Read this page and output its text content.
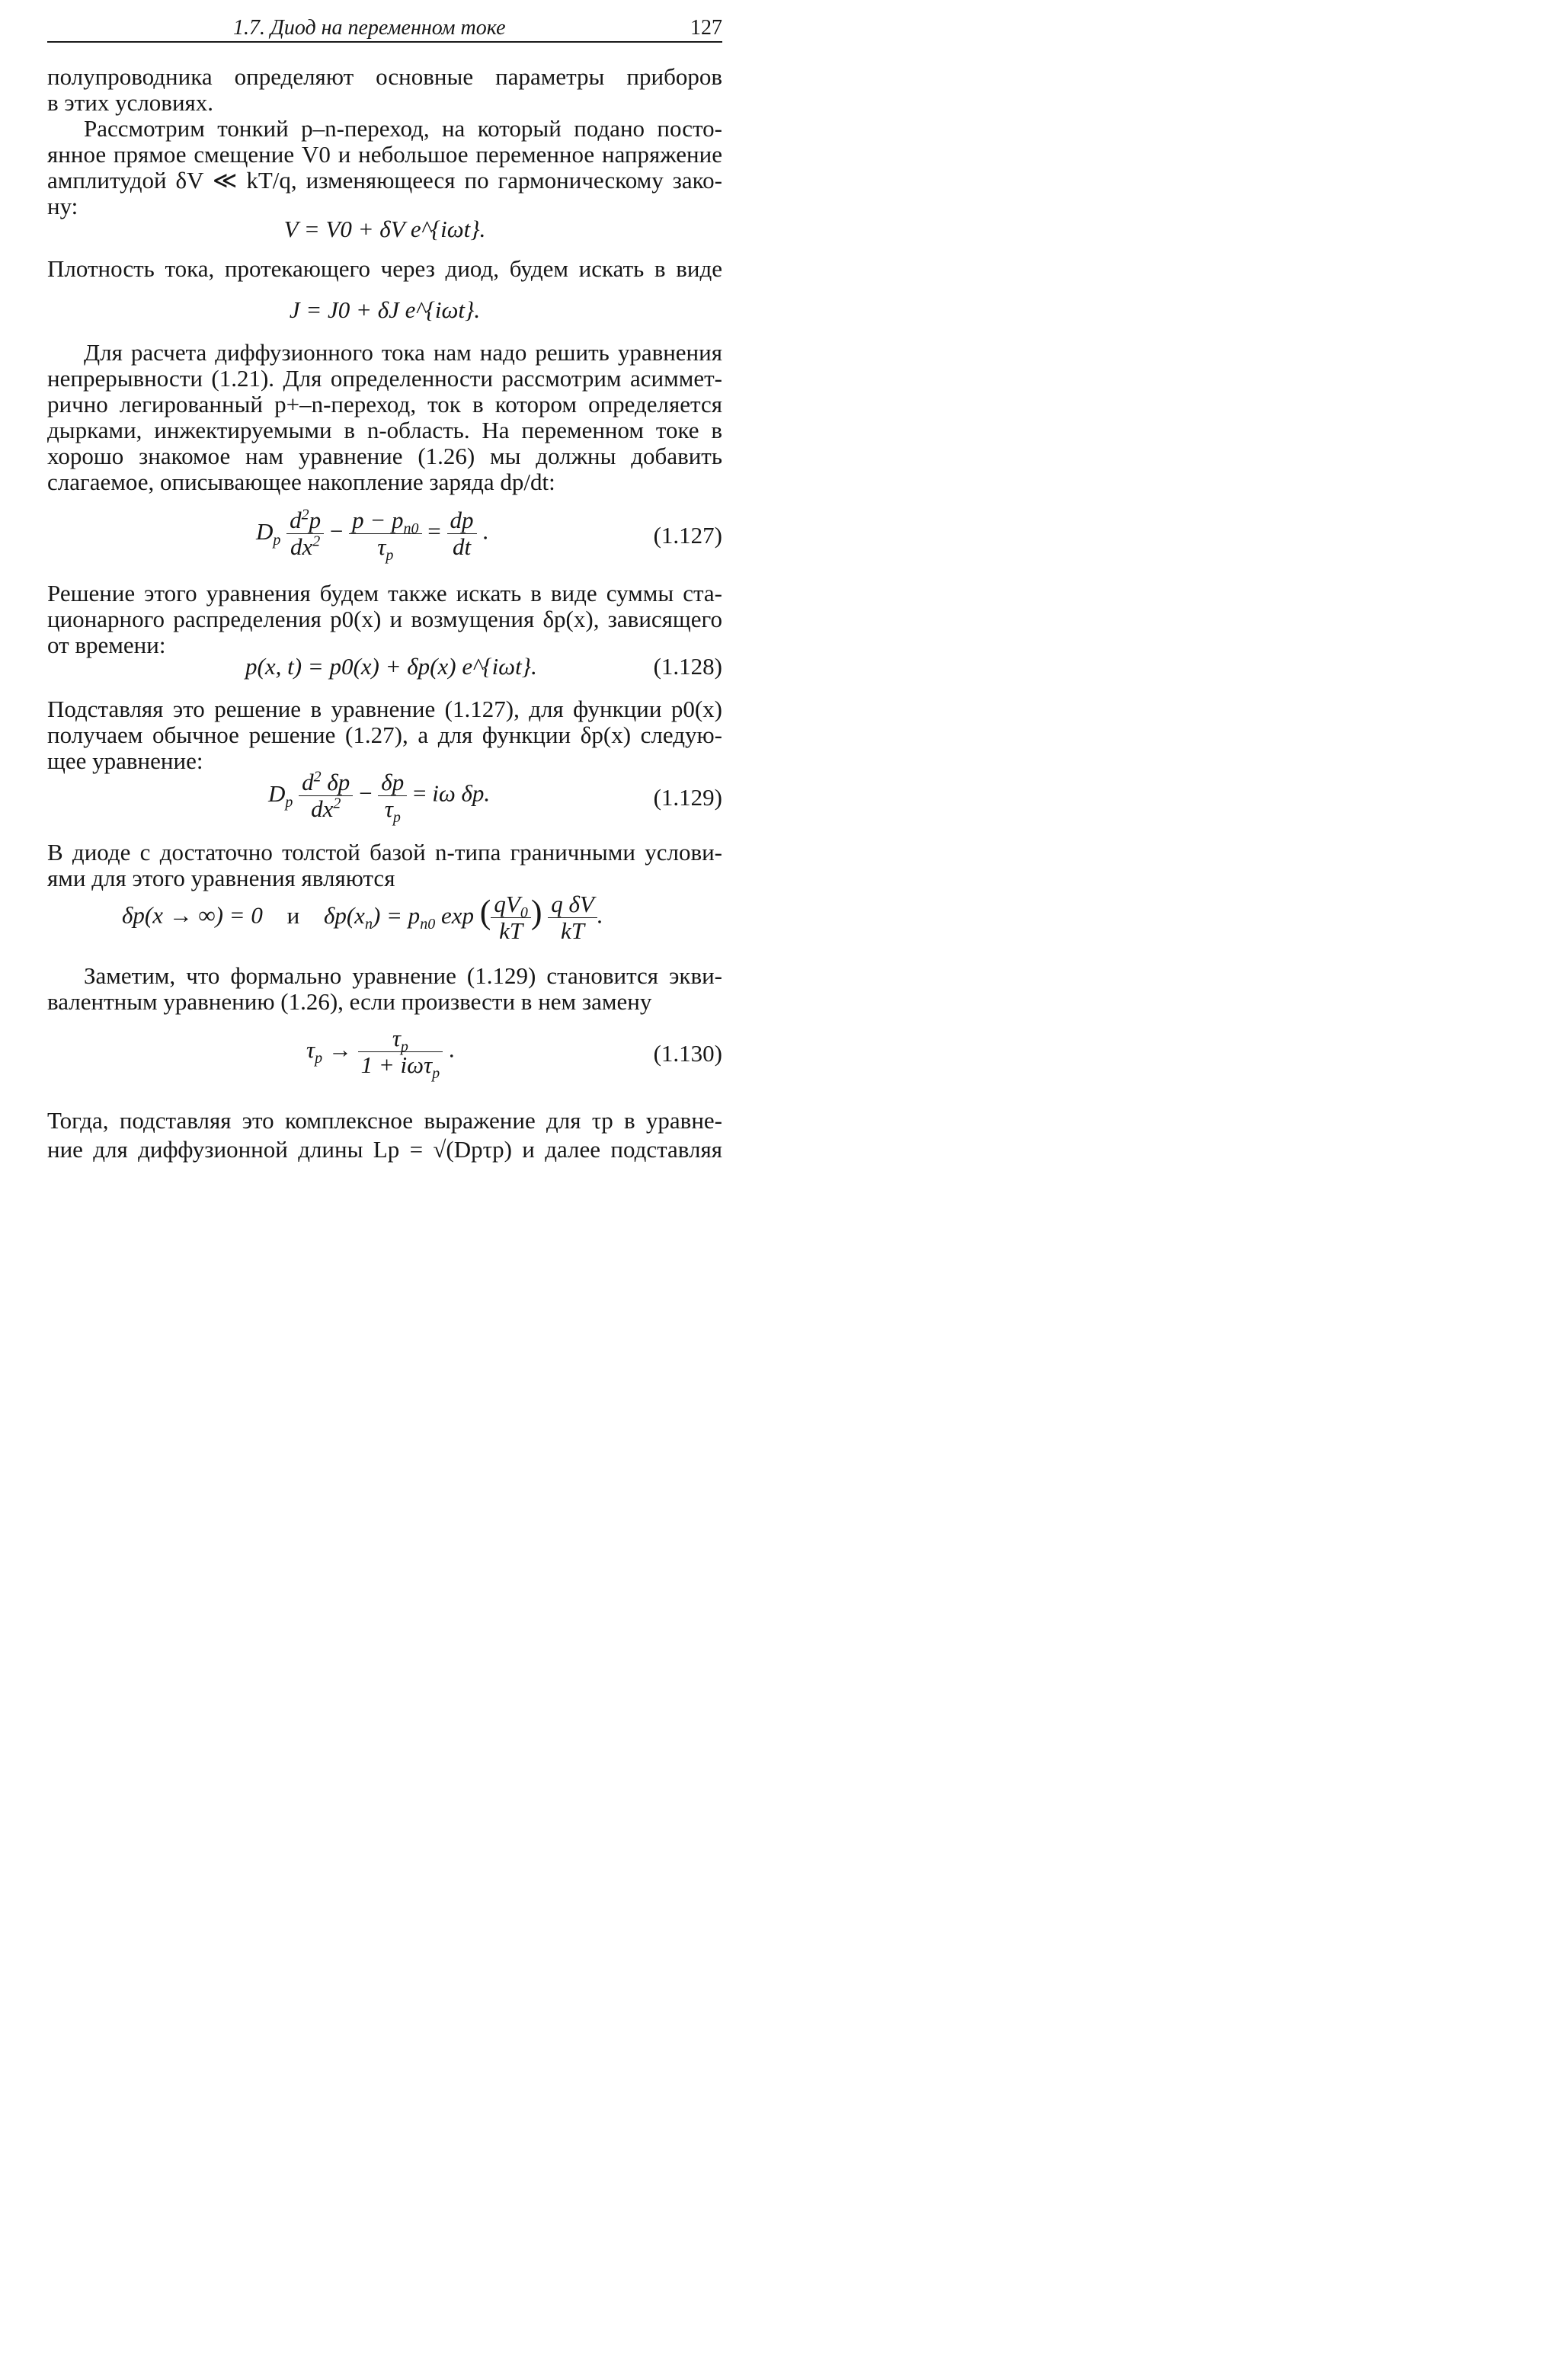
1.7. Диод на переменном токе	127
полупроводника определяют основные параметры приборов
в этих условиях.
Рассмотрим тонкий p–n-переход, на который подано посто-
янное прямое смещение V0 и небольшое переменное напряжение
амплитудой δV ≪ kT/q, изменяющееся по гармоническому зако-
ну:
V = V0 + δV e^{iωt}.
Плотность тока, протекающего через диод, будем искать в виде
J = J0 + δJ e^{iωt}.
Для расчета диффузионного тока нам надо решить уравнения
непрерывности (1.21). Для определенности рассмотрим асиммет-
рично легированный p+–n-переход, ток в котором определяется
дырками, инжектируемыми в n-область. На переменном токе в
хорошо знакомое нам уравнение (1.26) мы должны добавить
слагаемое, описывающее накопление заряда dp/dt:
$D_p \frac{d^2p}{dx^2} - \frac{p - p_{n0}}{\tau_p} = \frac{dp}{dt}$ .	(1.127)
Решение этого уравнения будем также искать в виде суммы ста-
ционарного распределения p0(x) и возмущения δp(x), зависящего
от времени:
p(x, t) = p0(x) + δp(x) e^{iωt}.	(1.128)
Подставляя это решение в уравнение (1.127), для функции p0(x)
получаем обычное решение (1.27), а для функции δp(x) следую-
щее уравнение:
$D_p \frac{d^2 \delta p}{dx^2} - \frac{\delta p}{\tau_p} = i\omega$ δp.	(1.129)
В диоде с достаточно толстой базой n-типа граничными услови-
ями для этого уравнения являются
δp(x → ∞) = 0 и $\delta p(x_n) = p_{n0}$ exp ( $\frac{qV_0}{kT}$ ) $\frac{\text{q δV}}{kT}$ .
Заметим, что формально уравнение (1.129) становится экви-
валентным уравнению (1.26), если произвести в нем замену
$\tau_p \to \frac{\tau_p}{1 + i\omega\tau_p}$ .	(1.130)
Тогда, подставляя это комплексное выражение для τp в уравне-
ние для диффузионной длины Lp = √(Dpτp) и далее подставляя
